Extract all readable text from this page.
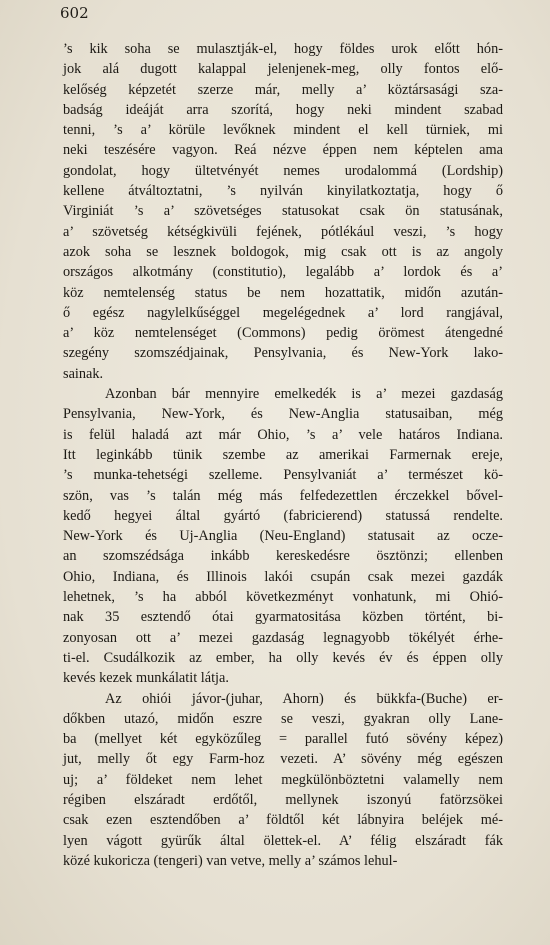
602
’s kik soha se mulasztják-el, hogy földes urok előtt hón-
jok alá dugott kalappal jelenjenek-meg, olly fontos elő-
kelőség képzetét szerze már, melly a’ köztársasági sza-
badság ideáját arra szorítá, hogy neki mindent szabad
tenni, ’s a’ körüle levőknek mindent el kell türniek, mi
neki teszésére vagyon. Reá nézve éppen nem képtelen ama
gondolat, hogy ültetvényét nemes urodalommá (Lordship)
kellene átváltoztatni, ’s nyilván kinyilatkoztatja, hogy ő
Virginiát ’s a’ szövetséges statusokat csak ön statusának,
a’ szövetség kétségkivüli fejének, pótlékául veszi, ’s hogy
azok soha se lesznek boldogok, mig csak ott is az angoly
országos alkotmány (constitutio), legalább a’ lordok és a’
köz nemtelenség status be nem hozattatik, midőn azután-
ő egész nagylelkűséggel megelégednek a’ lord rangjával,
a’ köz nemtelenséget (Commons) pedig örömest átengedné
szegény szomszédjainak, Pensylvania, és New-York lako-
sainak.
Azonban bár mennyire emelkedék is a’ mezei gazdaság
Pensylvania, New-York, és New-Anglia statusaiban, még
is felül haladá azt már Ohio, ’s a’ vele határos Indiana.
Itt leginkább tünik szembe az amerikai Farmernak ereje,
’s munka-tehetségi szelleme. Pensylvaniát a’ természet kö-
szön, vas ’s talán még más felfedezettlen érczekkel bővel-
kedő hegyei által gyártó (fabricierend) statussá rendelte.
New-York és Uj-Anglia (Neu-England) statusait az ocze-
an szomszédsága inkább kereskedésre ösztönzi; ellenben
Ohio, Indiana, és Illinois lakói csupán csak mezei gazdák
lehetnek, ’s ha abból következményt vonhatunk, mi Ohió-
nak 35 esztendő ótai gyarmatositása közben történt, bi-
zonyosan ott a’ mezei gazdaság legnagyobb tökélyét érhe-
ti-el. Csudálkozik az ember, ha olly kevés év és éppen olly
kevés kezek munkálatit látja.
Az ohiói jávor-(juhar, Ahorn) és bükkfa-(Buche) er-
dőkben utazó, midőn eszre se veszi, gyakran olly Lane-
ba (mellyet két egyközűleg = parallel futó sövény képez)
jut, melly őt egy Farm-hoz vezeti. A’ sövény még egészen
uj; a’ földeket nem lehet megkülönböztetni valamelly nem
régiben elszáradt erdőtől, mellynek iszonyú fatörzsökei
csak ezen esztendőben a’ földtől két lábnyira beléjek mé-
lyen vágott gyürűk által ölettek-el. A’ félig elszáradt fák
közé kukoricza (tengeri) van vetve, melly a’ számos lehul-
